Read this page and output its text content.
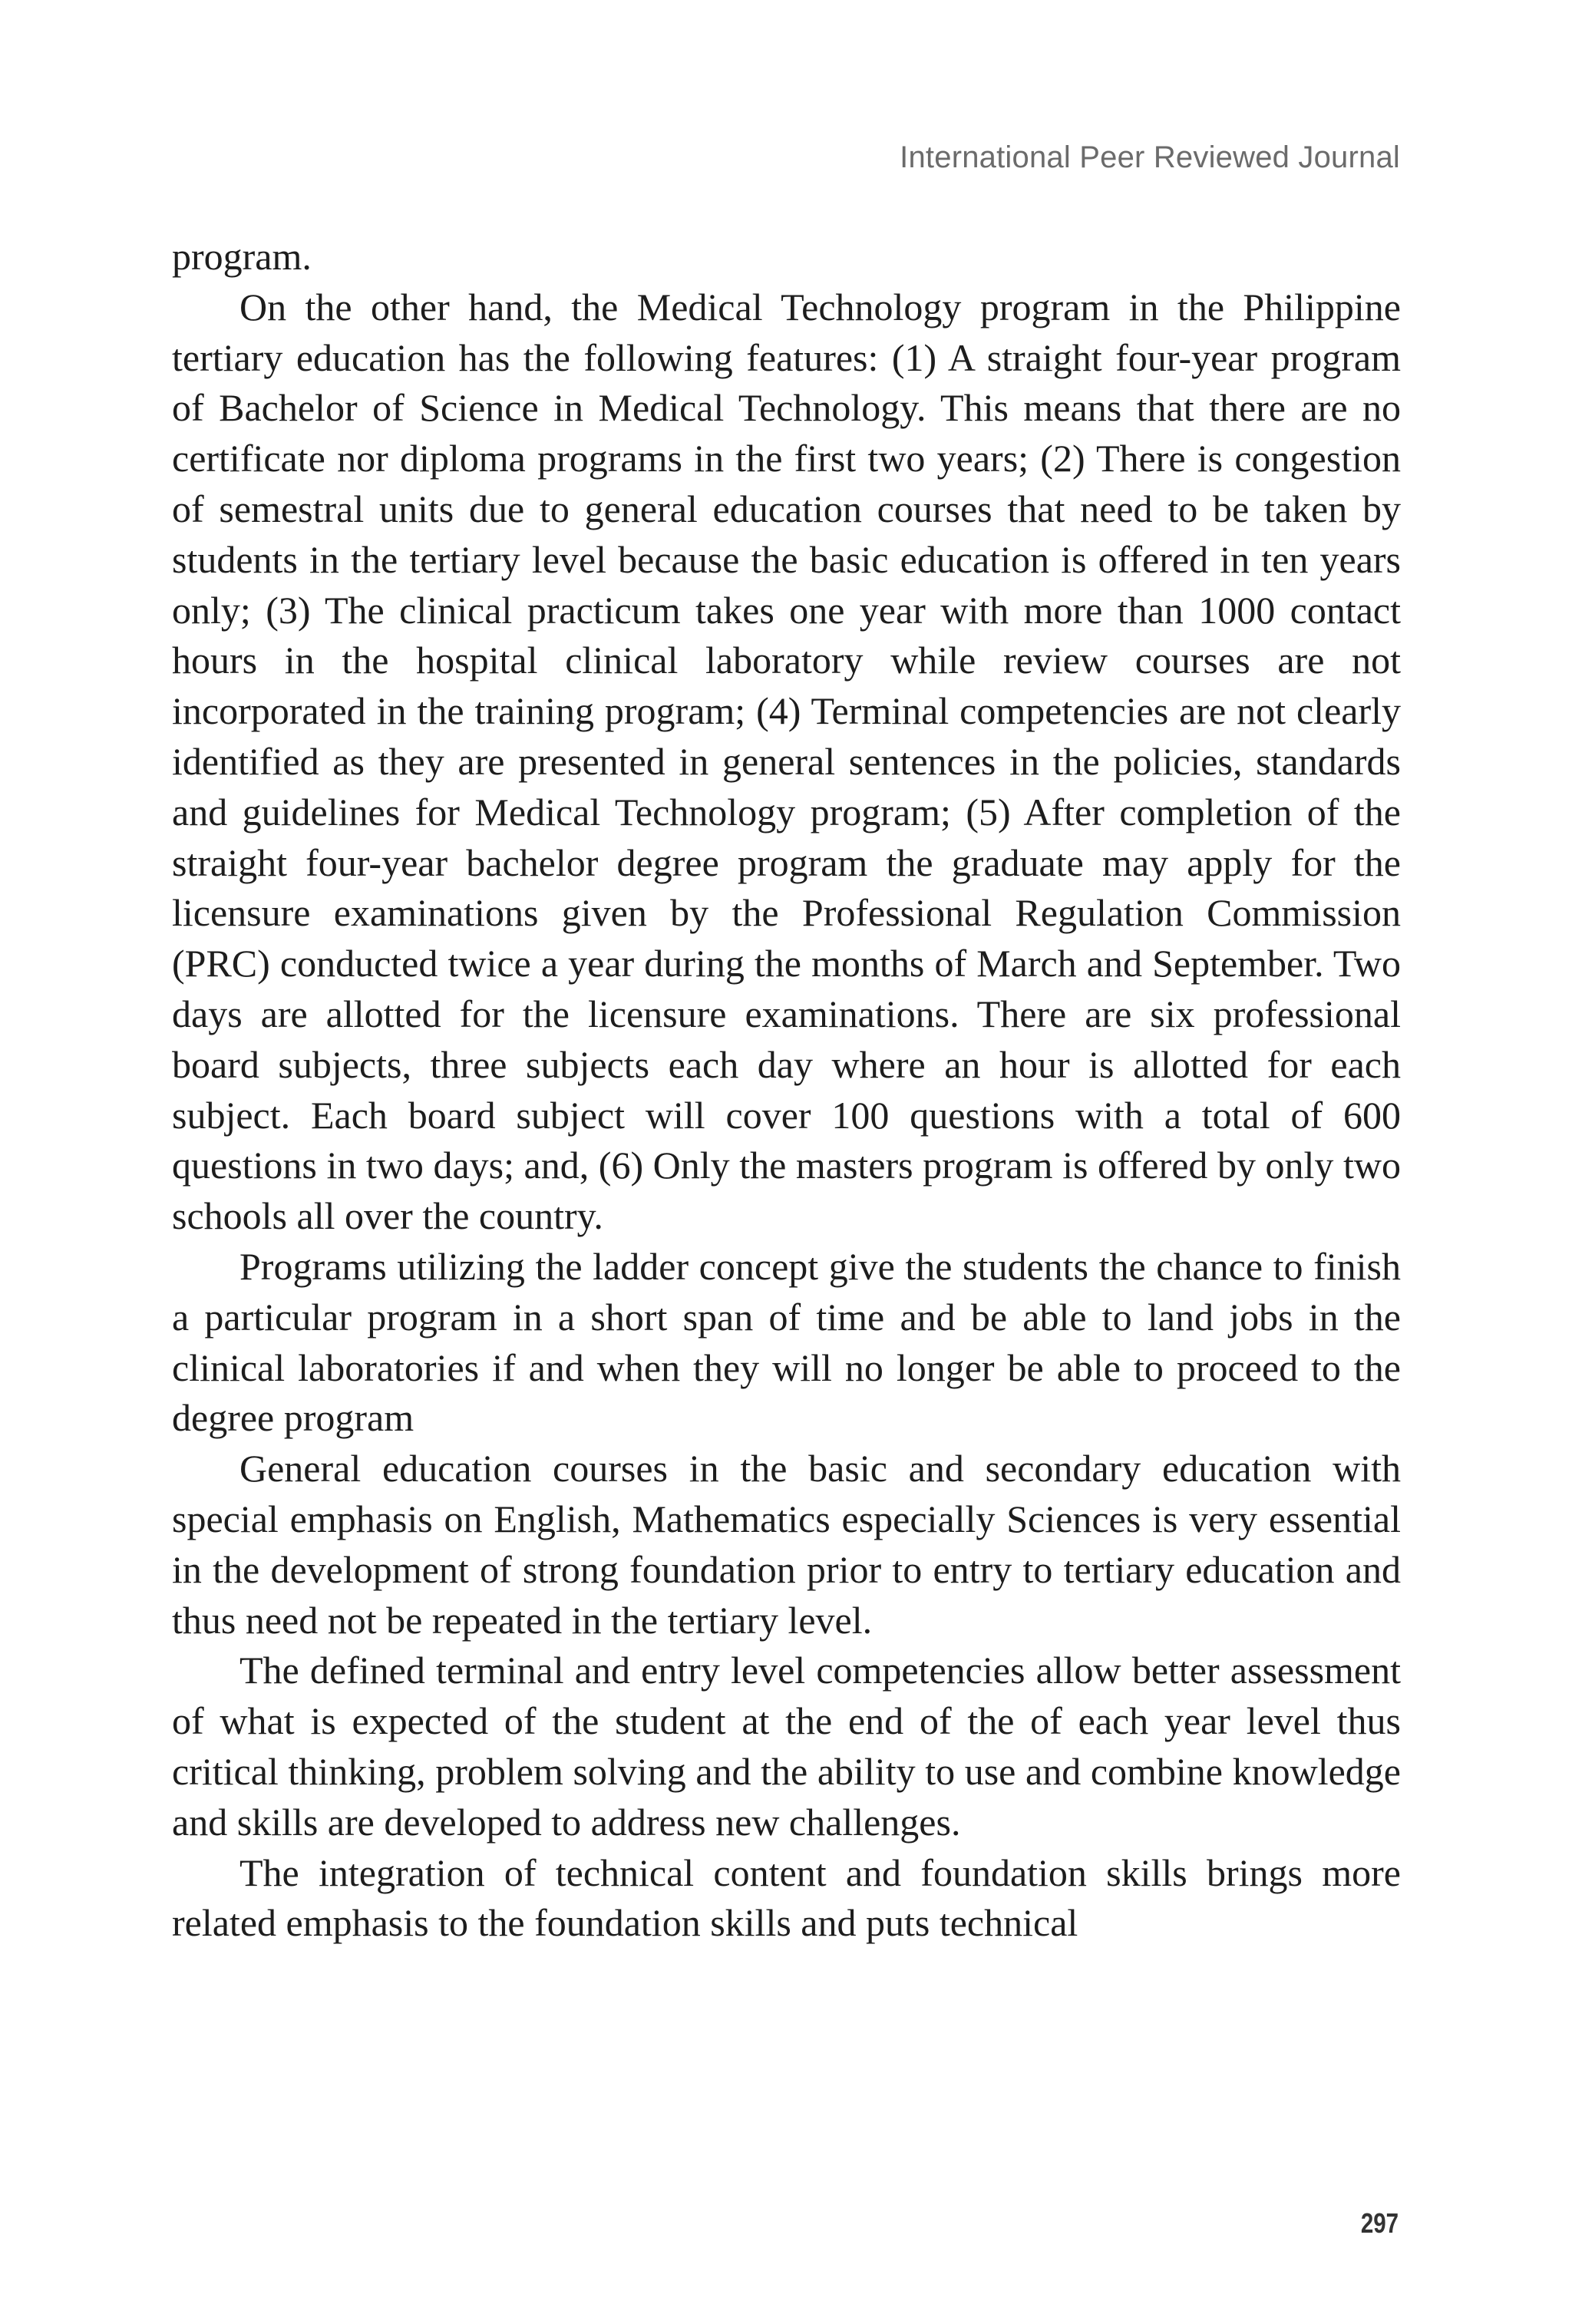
International Peer Reviewed Journal

program.

On the other hand, the Medical Technology program in the Philippine tertiary education has the following features: (1) A straight four-year program of Bachelor of Science in Medical Technology. This means that there are no certificate nor diploma programs in the first two years; (2) There is congestion of semestral units due to general education courses that need to be taken by students in the tertiary level because the basic education is offered in ten years only; (3) The clinical practicum takes one year with more than 1000 contact hours in the hospital clinical laboratory while review courses are not incorporated in the training program; (4) Terminal competencies are not clearly identified as they are presented in general sentences in the policies, standards and guidelines for Medical Technology program; (5) After completion of the straight four-year bachelor degree program the graduate may apply for the licensure examinations given by the Professional Regulation Commission (PRC) conducted twice a year during the months of March and September. Two days are allotted for the licensure examinations. There are six professional board subjects, three subjects each day where an hour is allotted for each subject. Each board subject will cover 100 questions with a total of 600 questions in two days; and, (6) Only the masters program is offered by only two schools all over the country.

Programs utilizing the ladder concept give the students the chance to finish a particular program in a short span of time and be able to land jobs in the clinical laboratories if and when they will no longer be able to proceed to the degree program

General education courses in the basic and secondary education with special emphasis on English, Mathematics especially Sciences is very essential in the development of strong foundation prior to entry to tertiary education and thus need not be repeated in the tertiary level.

The defined terminal and entry level competencies allow better assessment of what is expected of the student at the end of the of each year level thus critical thinking, problem solving and the ability to use and combine knowledge and skills are developed to address new challenges.

The integration of technical content and foundation skills brings more related emphasis to the foundation skills and puts technical

297
